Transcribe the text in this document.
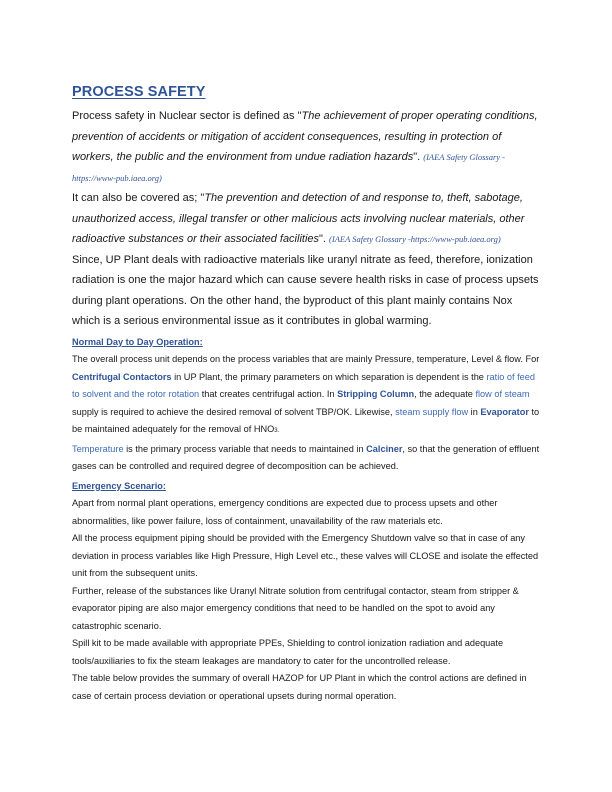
PROCESS SAFETY

Process safety in Nuclear sector is defined as "The achievement of proper operating conditions, prevention of accidents or mitigation of accident consequences, resulting in protection of workers, the public and the environment from undue radiation hazards". (IAEA Safety Glossary - https://www-pub.iaea.org)

It can also be covered as; "The prevention and detection of and response to, theft, sabotage, unauthorized access, illegal transfer or other malicious acts involving nuclear materials, other radioactive substances or their associated facilities". (IAEA Safety Glossary -https://www-pub.iaea.org)

Since, UP Plant deals with radioactive materials like uranyl nitrate as feed, therefore, ionization radiation is one the major hazard which can cause severe health risks in case of process upsets during plant operations. On the other hand, the byproduct of this plant mainly contains Nox which is a serious environmental issue as it contributes in global warming.

Normal Day to Day Operation:

The overall process unit depends on the process variables that are mainly Pressure, temperature, Level & flow. For Centrifugal Contactors in UP Plant, the primary parameters on which separation is dependent is the ratio of feed to solvent and the rotor rotation that creates centrifugal action. In Stripping Column, the adequate flow of steam supply is required to achieve the desired removal of solvent TBP/OK. Likewise, steam supply flow in Evaporator to be maintained adequately for the removal of HNO3.
Temperature is the primary process variable that needs to maintained in Calciner, so that the generation of effluent gases can be controlled and required degree of decomposition can be achieved.

Emergency Scenario:

Apart from normal plant operations, emergency conditions are expected due to process upsets and other abnormalities, like power failure, loss of containment, unavailability of the raw materials etc.

All the process equipment piping should be provided with the Emergency Shutdown valve so that in case of any deviation in process variables like High Pressure, High Level etc., these valves will CLOSE and isolate the effected unit from the subsequent units.

Further, release of the substances like Uranyl Nitrate solution from centrifugal contactor, steam from stripper & evaporator piping are also major emergency conditions that need to be handled on the spot to avoid any catastrophic scenario.

Spill kit to be made available with appropriate PPEs, Shielding to control ionization radiation and adequate tools/auxiliaries to fix the steam leakages are mandatory to cater for the uncontrolled release.

The table below provides the summary of overall HAZOP for UP Plant in which the control actions are defined in case of certain process deviation or operational upsets during normal operation.
